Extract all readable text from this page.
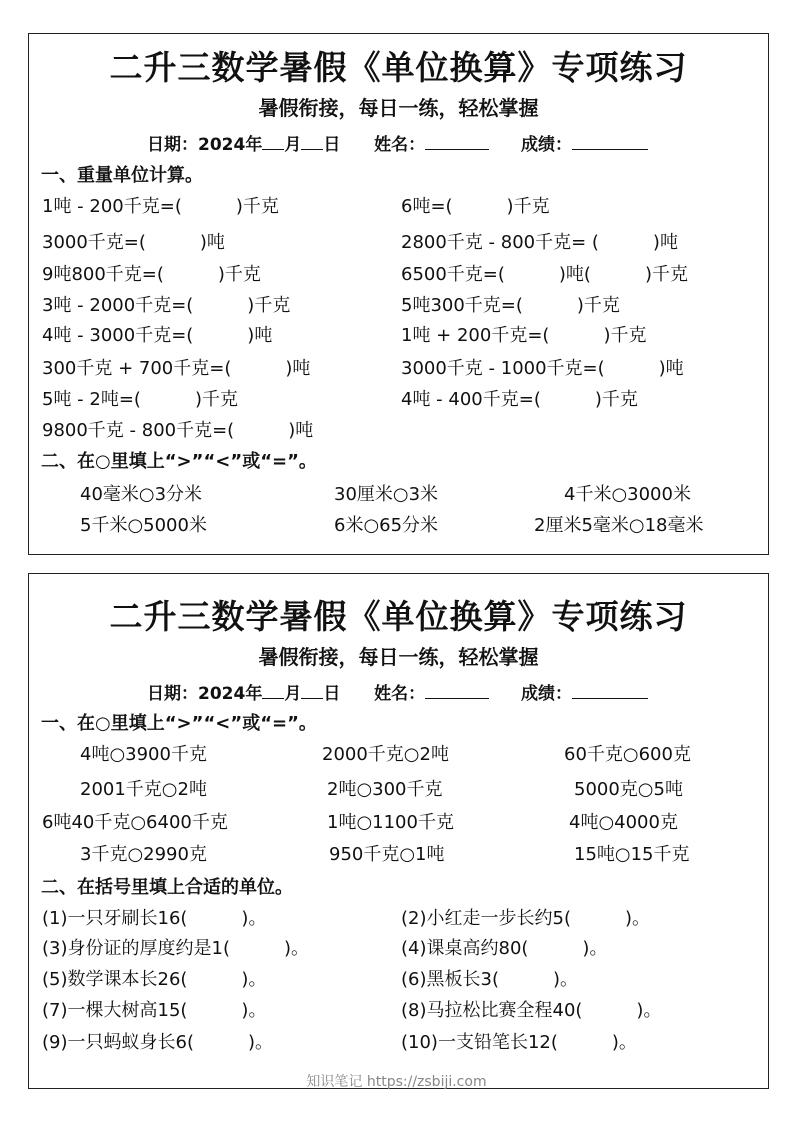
二升三数学暑假《单位换算》专项练习
暑假衔接，每日一练，轻松掌握
日期：2024年 月 日 姓名：	成绩：
一、重量单位计算。
1吨 - 200千克=(　　　)千克	6吨=(　　　)千克
3000千克=(　　　)吨	2800千克 - 800千克= (　　　)吨
9吨800千克=(　　　)千克	6500千克=(　　　)吨(　　　)千克
3吨 - 2000千克=(　　　)千克	5吨300千克=(　　　)千克
4吨 - 3000千克=(　　　)吨	1吨 + 200千克=(　　　)千克
300千克 + 700千克=(　　　)吨	3000千克 - 1000千克=(　　　)吨
5吨 - 2吨=(　　　)千克	4吨 - 400千克=(　　　)千克
9800千克 - 800千克=(　　　)吨
二、在○里填上“>”“<”或“=”。
40毫米○3分米	30厘米○3米	4千米○3000米
5千米○5000米	6米○65分米	2厘米5毫米○18毫米
二升三数学暑假《单位换算》专项练习
暑假衔接，每日一练，轻松掌握
日期：2024年 月 日 姓名：	成绩：
一、在○里填上“>”“<”或“=”。
4吨○3900千克	2000千克○2吨	60千克○600克
2001千克○2吨	2吨○300千克	5000克○5吨
6吨40千克○6400千克	1吨○1100千克	4吨○4000克
3千克○2990克	950千克○1吨	15吨○15千克
二、在括号里填上合适的单位。
(1)一只牙刷长16(　　　)。	(2)小红走一步长约5(　　　)。
(3)身份证的厚度约是1(　　　)。	(4)课桌高约80(　　　)。
(5)数学课本长26(　　　)。	(6)黑板长3(　　　)。
(7)一棵大树高15(　　　)。	(8)马拉松比赛全程40(　　　)。
(9)一只蚂蚁身长6(　　　)。	(10)一支铅笔长12(　　　)。
知识笔记 https://zsbiji.com
